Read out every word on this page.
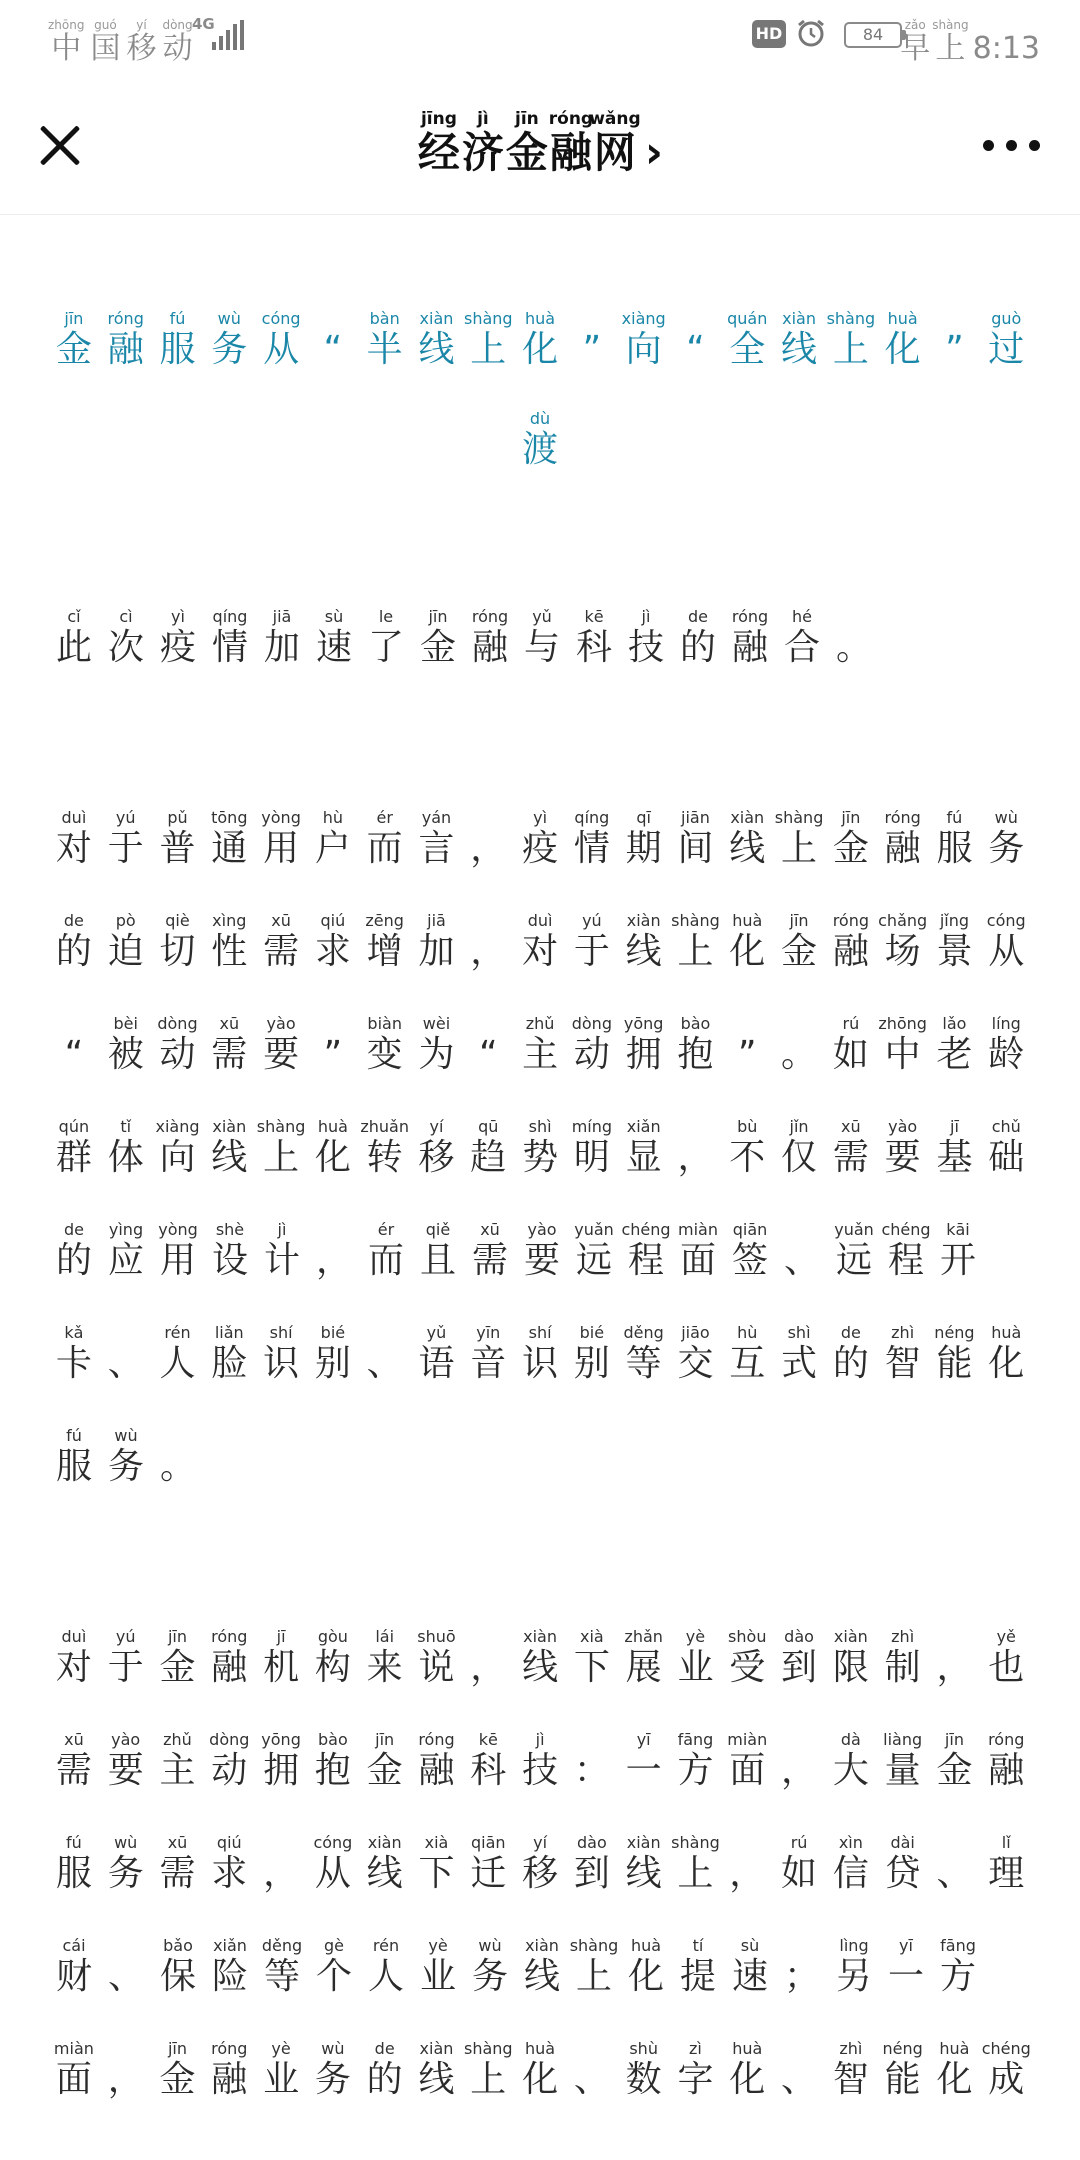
zhōng
中
guó
国
yí
移
dòng
动
4G	HD	84	zǎo
早
shàng
上 8:13
jīng
经
jì
济
jīn
金
róng
融
wǎng
网 ›
jīn
金
róng
融
fú
服
wù
务
cóng
从 “
bàn
半
xiàn
线
shàng
上
huà
化 ”
xiàng
向 “
quán
全
xiàn
线
shàng
上
huà
化 ”
guò
过
dù
渡
cǐ
此
cì
次
yì
疫
qíng
情
jiā
加
sù
速
le
了
jīn
金
róng
融
yǔ
与
kē
科
jì
技
de
的
róng
融
hé
合 。
duì
对
yú
于
pǔ
普
tōng
通
yòng
用
hù
户
ér
而
yán
言 ，
yì
疫
qíng
情
qī
期
jiān
间
xiàn
线
shàng
上
jīn
金
róng
融
fú
服
wù
务
de
的
pò
迫
qiè
切
xìng
性
xū
需
qiú
求
zēng
增
jiā
加 ，
duì
对
yú
于
xiàn
线
shàng
上
huà
化
jīn
金
róng
融
chǎng
场
jǐng
景
cóng
从
“
bèi
被
dòng
动
xū
需
yào
要 ”
biàn
变
wèi
为 “
zhǔ
主
dòng
动
yōng
拥
bào
抱 ” 。
rú
如
zhōng
中
lǎo
老
líng
龄
qún
群
tǐ
体
xiàng
向
xiàn
线
shàng
上
huà
化
zhuǎn
转
yí
移
qū
趋
shì
势
míng
明
xiǎn
显 ，
bù
不
jǐn
仅
xū
需
yào
要
jī
基
chǔ
础
de
的
yìng
应
yòng
用
shè
设
jì
计 ，
ér
而
qiě
且
xū
需
yào
要
yuǎn
远
chéng
程
miàn
面
qiān
签 、
yuǎn
远
chéng
程
kāi
开
kǎ
卡 、
rén
人
liǎn
脸
shí
识
bié
别 、
yǔ
语
yīn
音
shí
识
bié
别
děng
等
jiāo
交
hù
互
shì
式
de
的
zhì
智
néng
能
huà
化
fú
服
wù
务 。
duì
对
yú
于
jīn
金
róng
融
jī
机
gòu
构
lái
来
shuō
说 ，
xiàn
线
xià
下
zhǎn
展
yè
业
shòu
受
dào
到
xiàn
限
zhì
制 ，
yě
也
xū
需
yào
要
zhǔ
主
dòng
动
yōng
拥
bào
抱
jīn
金
róng
融
kē
科
jì
技 ：
yī
一
fāng
方
miàn
面 ，
dà
大
liàng
量
jīn
金
róng
融
fú
服
wù
务
xū
需
qiú
求 ，
cóng
从
xiàn
线
xià
下
qiān
迁
yí
移
dào
到
xiàn
线
shàng
上 ，
rú
如
xìn
信
dài
贷 、
lǐ
理
cái
财 、
bǎo
保
xiǎn
险
děng
等
gè
个
rén
人
yè
业
wù
务
xiàn
线
shàng
上
huà
化
tí
提
sù
速 ；
lìng
另
yī
一
fāng
方
miàn
面 ，
jīn
金
róng
融
yè
业
wù
务
de
的
xiàn
线
shàng
上
huà
化 、
shù
数
zì
字
huà
化 、
zhì
智
néng
能
huà
化
chéng
成
